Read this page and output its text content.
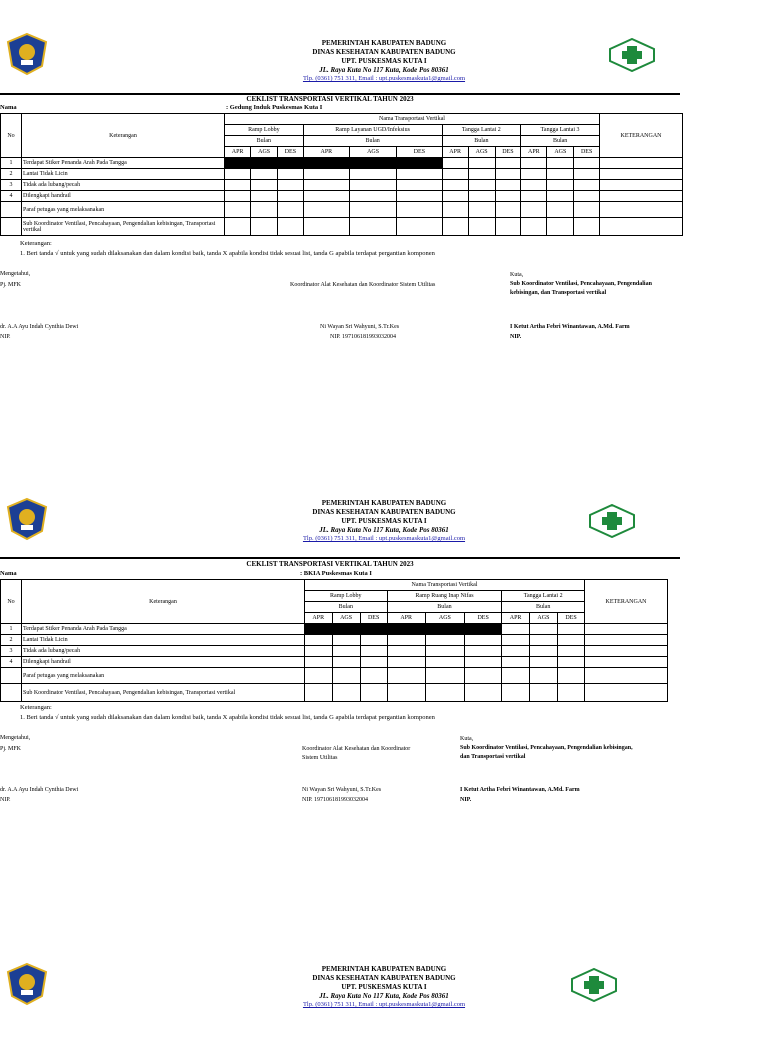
PEMERINTAH KABUPATEN BADUNG
DINAS KESEHATAN KABUPATEN BADUNG
UPT. PUSKESMAS KUTA I
JL. Raya Kuta No 117 Kuta, Kode Pos 80361
Tlp. (0361) 751 311, Email : upt.puskesmaskuta1@gmail.com
CEKLIST TRANSPORTASI VERTIKAL TAHUN 2023
Nama	: Gedung Induk Puskesmas Kuta I
No	Keterangan	Nama Transportasi Vertikal												KETERANGAN
		Ramp Lobby			Ramp Layanan UGD/Infeksius			Tangga Lantai 2			Tangga Lantai 3			
		Bulan			Bulan			Bulan			Bulan			
		APR	AGS	DES	APR	AGS	DES	APR	AGS	DES	APR	AGS	DES	
1	Terdapat Stiker Penanda Arah Pada Tangga													
2	Lantai Tidak Licin													
3	Tidak ada lubang/pecah													
4	Dilengkapi handrail													
	Paraf petugas yang melaksanakan													
	Sub Koordinator Ventilasi, Pencahayaan, Pengendalian kebisingan, Transportasi vertikal													
Keterangan:
1. Beri tanda √ untuk yang sudah dilaksanakan dan dalam kondisi baik, tanda X apabila kondisi tidak sesuai list, tanda G apabila terdapat pergantian komponen
Mengetahui,
Pj. MFK	Koordinator Alat Kesehatan dan Koordinator Sistem Utilitas
Kuta,
Sub Koordinator Ventilasi, Pencahayaan, Pengendalian kebisingan, dan Transportasi vertikal
dr. A.A Ayu Indah Cynthia Dewi
NIP.
Ni Wayan Sri Wahyuni, S.Tr.Kes
NIP. 197106181993032004
I Ketut Artha Febri Winantawan, A.Md. Farm
NIP.
PEMERINTAH KABUPATEN BADUNG
DINAS KESEHATAN KABUPATEN BADUNG
UPT. PUSKESMAS KUTA I
JL. Raya Kuta No 117 Kuta, Kode Pos 80361
Tlp. (0361) 751 311, Email : upt.puskesmaskuta1@gmail.com
CEKLIST TRANSPORTASI VERTIKAL TAHUN 2023
Nama	: BKIA Puskesmas Kuta I
No	Keterangan	Nama Transportasi Vertikal									KETERANGAN
		Ramp Lobby			Ramp Ruang Inap Nifas			Tangga Lantai 2			
		Bulan			Bulan			Bulan			
		APR	AGS	DES	APR	AGS	DES	APR	AGS	DES	
1	Terdapat Stiker Penanda Arah Pada Tangga										
2	Lantai Tidak Licin										
3	Tidak ada lubang/pecah										
4	Dilengkapi handrail										
	Paraf petugas yang melaksanakan										
	Sub Koordinator Ventilasi, Pencahayaan, Pengendalian kebisingan, Transportasi vertikal										
Keterangan:
1. Beri tanda √ untuk yang sudah dilaksanakan dan dalam kondisi baik, tanda X apabila kondisi tidak sesuai list, tanda G apabila terdapat pergantian komponen
Mengetahui,
Pj. MFK	Koordinator Alat Kesehatan dan Koordinator Sistem Utilitas
Kuta,
Sub Koordinator Ventilasi, Pencahayaan, Pengendalian kebisingan, dan Transportasi vertikal
dr. A.A Ayu Indah Cynthia Dewi
NIP.
Ni Wayan Sri Wahyuni, S.Tr.Kes
NIP. 197106181993032004
I Ketut Artha Febri Winantawan, A.Md. Farm
NIP.
PEMERINTAH KABUPATEN BADUNG
DINAS KESEHATAN KABUPATEN BADUNG
UPT. PUSKESMAS KUTA I
JL. Raya Kuta No 117 Kuta, Kode Pos 80361
Tlp. (0361) 751 311, Email : upt.puskesmaskuta1@gmail.com
